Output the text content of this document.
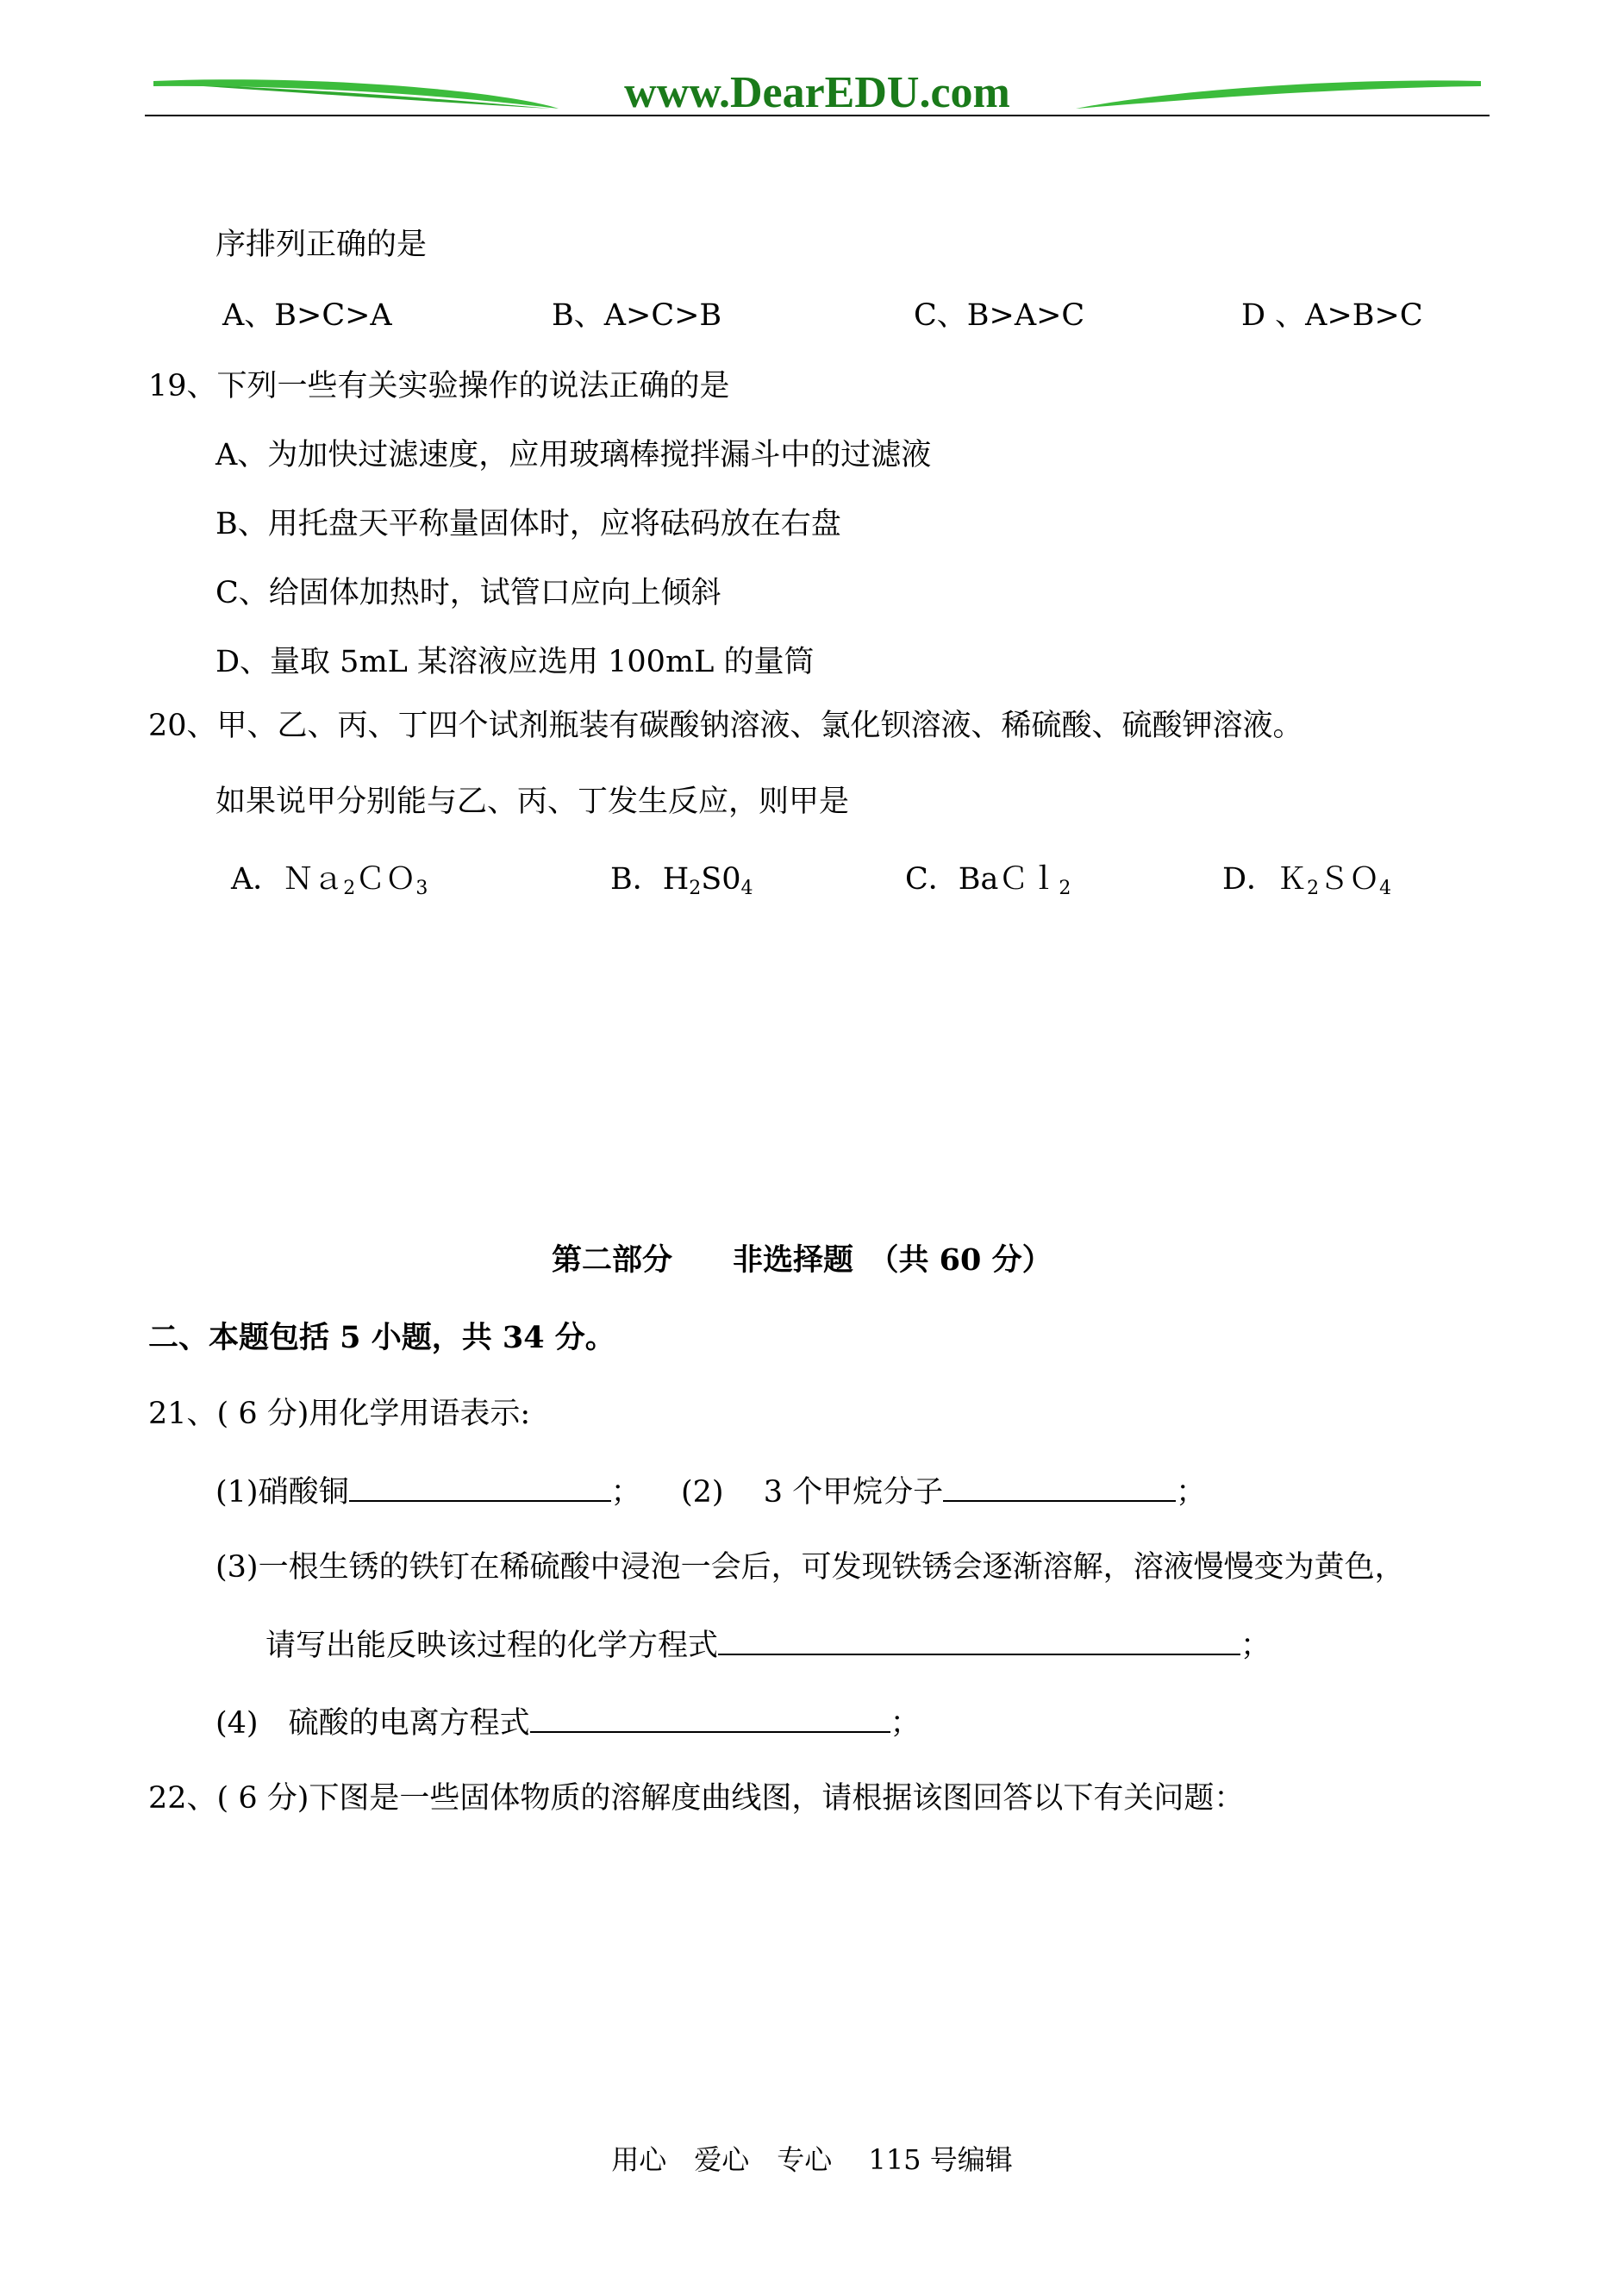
www.DearEDU.com
序排列正确的是
A、B>C>A	B、A>C>B	C、B>A>C	D 、A>B>C
19、下列一些有关实验操作的说法正确的是
A、为加快过滤速度，应用玻璃棒搅拌漏斗中的过滤液
B、用托盘天平称量固体时，应将砝码放在右盘
C、给固体加热时，试管口应向上倾斜
D、量取 5mL 某溶液应选用 100mL 的量筒
20、甲、乙、丙、丁四个试剂瓶装有碳酸钠溶液、氯化钡溶液、稀硫酸、硫酸钾溶液。
如果说甲分别能与乙、丙、丁发生反应，则甲是
A．Ｎａ$_2$ＣＯ$_3$	B．$H_2S0_4$	C．BaＣｌ$_2$	D．Ｋ$_2$ＳＯ$_4$
第二部分　　非选择题　（共 60 分）
二、本题包括 5 小题，共 34 分。
21、( 6 分)用化学用语表示:
(1)硝酸铜	； (2)　 3 个甲烷分子	；
(3)一根生锈的铁钉在稀硫酸中浸泡一会后，可发现铁锈会逐渐溶解，溶液慢慢变为黄色，
请写出能反映该过程的化学方程式	；
(4)　硫酸的电离方程式	；
22、( 6 分)下图是一些固体物质的溶解度曲线图，请根据该图回答以下有关问题：
用心　爱心　专心　 115 号编辑
